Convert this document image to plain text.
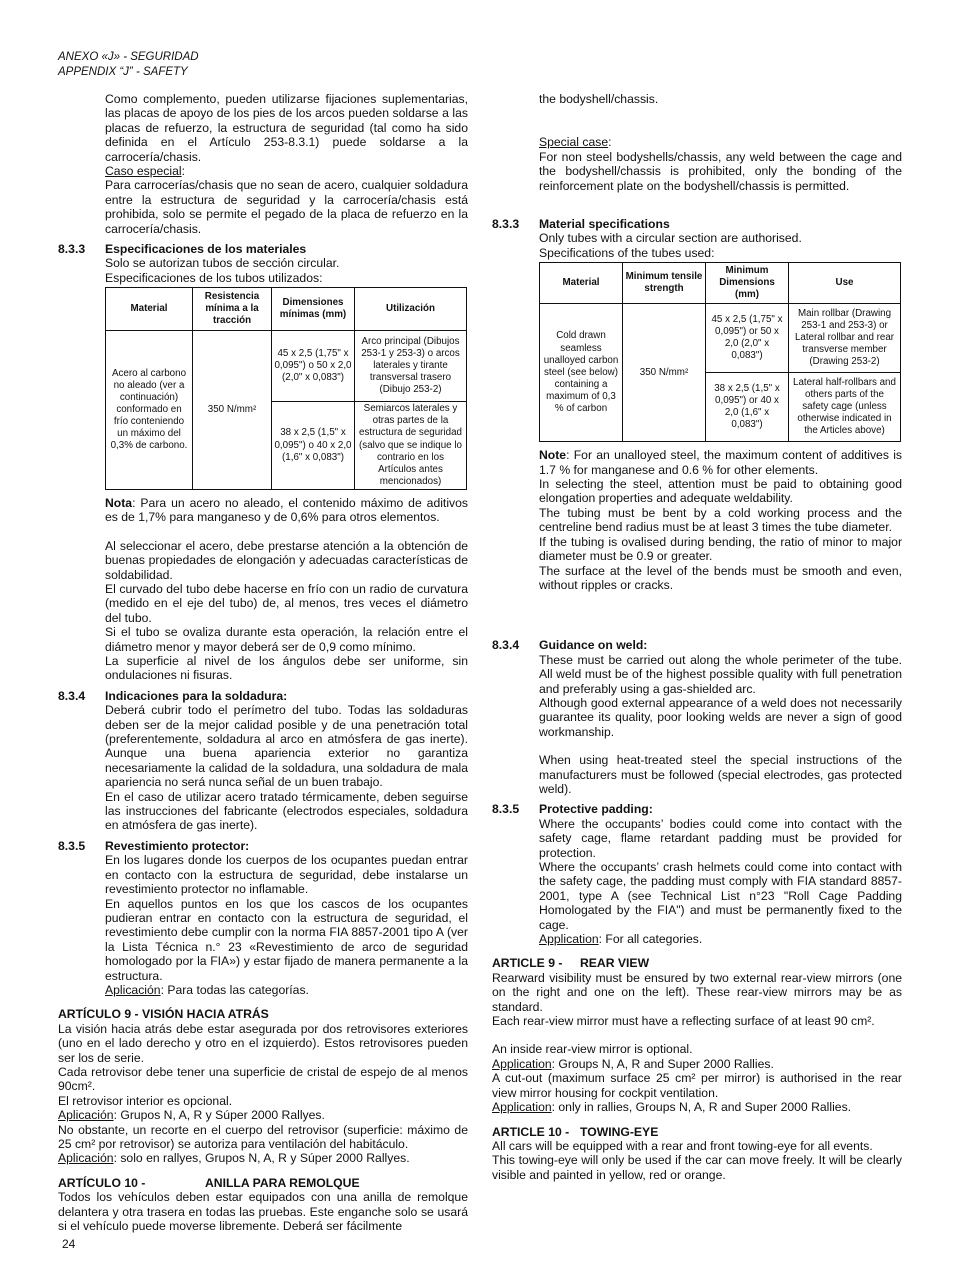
ANEXO «J» - SEGURIDAD
APPENDIX “J” - SAFETY

Como complemento, pueden utilizarse fijaciones suplementarias, las placas de apoyo de los pies de los arcos pueden soldarse a las placas de refuerzo, la estructura de seguridad (tal como ha sido definida en el Artículo 253-8.3.1) puede soldarse a la carrocería/chasis.

Caso especial:

Para carrocerías/chasis que no sean de acero, cualquier soldadura entre la estructura de seguridad y la carrocería/chasis está prohibida, solo se permite el pegado de la placa de refuerzo en la carrocería/chasis.

8.3.3	Especificaciones de los materiales

Solo se autorizan tubos de sección circular.

Especificaciones de los tubos utilizados:

Material	Resistencia mínima a la tracción	Dimensiones mínimas (mm)	Utilización
Acero al carbono no aleado (ver a continuación) conformado en frío conteniendo un máximo del 0,3% de carbono.	350 N/mm²	45 x 2,5 (1,75" x 0,095") o 50 x 2,0 (2,0" x 0,083")	Arco principal (Dibujos 253-1 y 253-3) o arcos laterales y tirante transversal trasero (Dibujo 253-2)
		38 x 2,5 (1,5" x 0,095") o 40 x 2,0 (1,6" x 0,083")	Semiarcos laterales y otras partes de la estructura de seguridad (salvo que se indique lo contrario en los Artículos antes mencionados)

Nota: Para un acero no aleado, el contenido máximo de aditivos es de 1,7% para manganeso y de 0,6% para otros elementos.

Al seleccionar el acero, debe prestarse atención a la obtención de buenas propiedades de elongación y adecuadas características de soldabilidad.

El curvado del tubo debe hacerse en frío con un radio de curvatura (medido en el eje del tubo) de, al menos, tres veces el diámetro del tubo.

Si el tubo se ovaliza durante esta operación, la relación entre el diámetro menor y mayor deberá ser de 0,9 como mínimo.

La superficie al nivel de los ángulos debe ser uniforme, sin ondulaciones ni fisuras.

8.3.4	Indicaciones para la soldadura:

Deberá cubrir todo el perímetro del tubo. Todas las soldaduras deben ser de la mejor calidad posible y de una penetración total (preferentemente, soldadura al arco en atmósfera de gas inerte). Aunque una buena apariencia exterior no garantiza necesariamente la calidad de la soldadura, una soldadura de mala apariencia no será nunca señal de un buen trabajo.

En el caso de utilizar acero tratado térmicamente, deben seguirse las instrucciones del fabricante (electrodos especiales, soldadura en atmósfera de gas inerte).

8.3.5	Revestimiento protector:

En los lugares donde los cuerpos de los ocupantes puedan entrar en contacto con la estructura de seguridad, debe instalarse un revestimiento protector no inflamable.

En aquellos puntos en los que los cascos de los ocupantes pudieran entrar en contacto con la estructura de seguridad, el revestimiento debe cumplir con la norma FIA 8857-2001 tipo A (ver la Lista Técnica n.° 23 «Revestimiento de arco de seguridad homologado por la FIA») y estar fijado de manera permanente a la estructura.

Aplicación: Para todas las categorías.

ARTÍCULO 9 - VISIÓN HACIA ATRÁS

La visión hacia atrás debe estar asegurada por dos retrovisores exteriores (uno en el lado derecho y otro en el izquierdo). Estos retrovisores pueden ser los de serie.

Cada retrovisor debe tener una superficie de cristal de espejo de al menos 90cm².

El retrovisor interior es opcional.

Aplicación: Grupos N, A, R y Súper 2000 Rallyes.

No obstante, un recorte en el cuerpo del retrovisor (superficie: máximo de 25 cm² por retrovisor) se autoriza para ventilación del habitáculo.

Aplicación: solo en rallyes, Grupos N, A, R y Súper 2000 Rallyes.

ARTÍCULO 10 -	ANILLA PARA REMOLQUE

Todos los vehículos deben estar equipados con una anilla de remolque delantera y otra trasera en todas las pruebas. Este enganche solo se usará si el vehículo puede moverse libremente. Deberá ser fácilmente

the bodyshell/chassis.

Special case:

For non steel bodyshells/chassis, any weld between the cage and the bodyshell/chassis is prohibited, only the bonding of the reinforcement plate on the bodyshell/chassis is permitted.

8.3.3	Material specifications

Only tubes with a circular section are authorised.

Specifications of the tubes used:

Material	Minimum tensile strength	Minimum Dimensions (mm)	Use
Cold drawn seamless unalloyed carbon steel (see below) containing a maximum of 0,3 % of carbon	350 N/mm²	45 x 2,5 (1,75" x 0,095") or 50 x 2,0 (2,0" x 0,083")	Main rollbar (Drawing 253-1 and 253-3) or Lateral rollbar and rear transverse member (Drawing 253-2)
		38 x 2,5 (1,5" x 0,095") or 40 x 2,0 (1,6" x 0,083")	Lateral half-rollbars and others parts of the safety cage (unless otherwise indicated in the Articles above)

Note: For an unalloyed steel, the maximum content of additives is 1.7 % for manganese and 0.6 % for other elements.

In selecting the steel, attention must be paid to obtaining good elongation properties and adequate weldability.

The tubing must be bent by a cold working process and the centreline bend radius must be at least 3 times the tube diameter.

If the tubing is ovalised during bending, the ratio of minor to major diameter must be 0.9 or greater.

The surface at the level of the bends must be smooth and even, without ripples or cracks.

8.3.4	Guidance on weld:

These must be carried out along the whole perimeter of the tube. All weld must be of the highest possible quality with full penetration and preferably using a gas-shielded arc.

Although good external appearance of a weld does not necessarily guarantee its quality, poor looking welds are never a sign of good workmanship.

When using heat-treated steel the special instructions of the manufacturers must be followed (special electrodes, gas protected weld).

8.3.5	Protective padding:

Where the occupants’ bodies could come into contact with the safety cage, flame retardant padding must be provided for protection.

Where the occupants’ crash helmets could come into contact with the safety cage, the padding must comply with FIA standard 8857-2001, type A (see Technical List n°23 "Roll Cage Padding Homologated by the FIA") and must be permanently fixed to the cage.

Application: For all categories.

ARTICLE 9 -	REAR VIEW

Rearward visibility must be ensured by two external rear-view mirrors (one on the right and one on the left). These rear-view mirrors may be as standard.

Each rear-view mirror must have a reflecting surface of at least 90 cm².

An inside rear-view mirror is optional.

Application: Groups N, A, R and Super 2000 Rallies.

A cut-out (maximum surface 25 cm² per mirror) is authorised in the rear view mirror housing for cockpit ventilation.

Application: only in rallies, Groups N, A, R and Super 2000 Rallies.

ARTICLE 10 - TOWING-EYE

All cars will be equipped with a rear and front towing-eye for all events.

This towing-eye will only be used if the car can move freely. It will be clearly visible and painted in yellow, red or orange.

24
